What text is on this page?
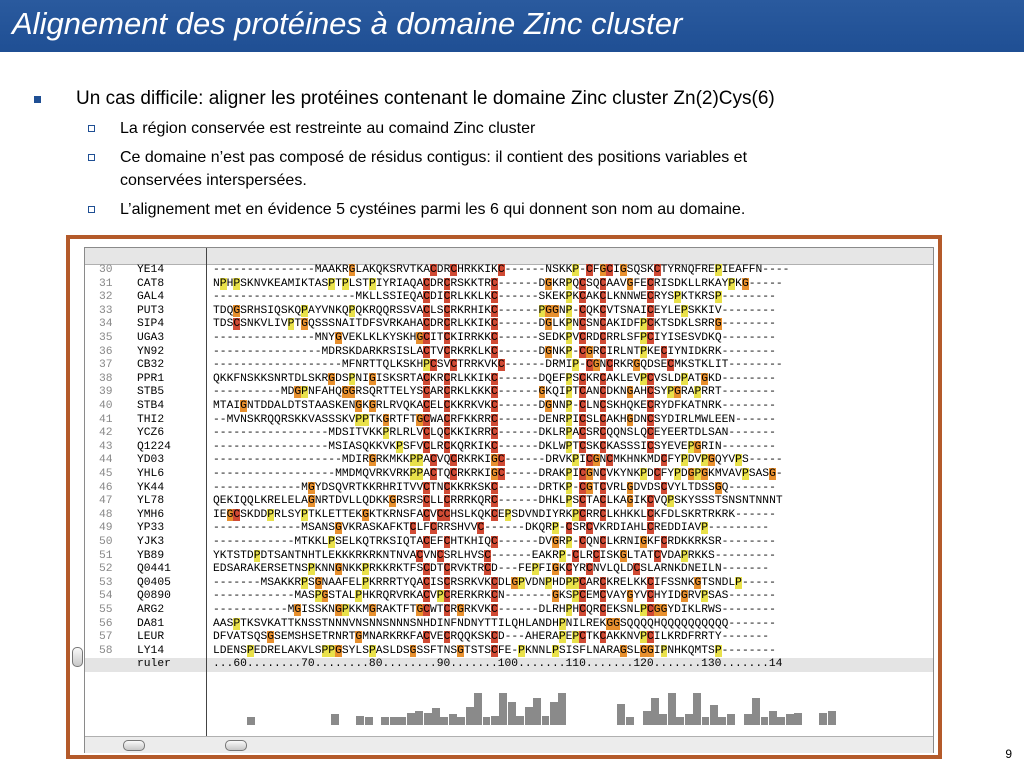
Alignement des protéines à domaine Zinc cluster
Un cas difficile: aligner les protéines contenant le domaine Zinc cluster Zn(2)Cys(6)
La région conservée est restreinte au comaind Zinc cluster
Ce domaine n’est pas composé de résidus contigus: il contient des positions variables et
conservées interspersées.
L’alignement met en évidence 5 cystéines parmi les 6 qui donnent son nom au domaine.
30 YE14	---------------MAAKRGLAKQKSRVTKACDRCHRKKIKC------NSKKP-CFGCIGSQSKCTYRNQFREPIEAFFN----
31 CAT8	NPHPSKNVKEAMIKTASPTPLSTPIYRIAQACDRCRSKKTRC------DGKRPQCSQCAAVGFECRISDKLLRKAYPKG-----
32 GAL4	---------------------MKLLSSIEQACDICRLKKLKC------SKEKPKCAKCLKNNWECRYSPKTKRSP--------
33 PUT3	TDQGSRHSIQSKQPAYVNKQPQKRQQRSSVACLSCRKRHIKC------PGGNP-CQKCVTSNAICEYLEPSKKIV--------
34 SIP4	TDSCSNKVLIVPTGQSSSNAITDFSVRKAHACDRCRLKKIKC------DGLKPNCSNCAKIDFPCKTSDKLSRRG--------
35 UGA3	---------------MNYGVEKLKLKYSKHGCITCKIRRKKC------SEDKPVCRDCRRLSFPCIYISESVDKQ--------
36 YN92	----------------MDRSKDARKRSISLACTVCRKRKLKC------DGNKP-CGRCIRLNTPKECIYNIDKRK--------
37 CB32	-------------------MFNRTTQLKSKHPCSVCTRRKVKC------DRMIP-CGNCRKRGQDSECMKSTKLIT--------
38 PPR1	QKKFNSKKSNRTDLSKRGDSPNIGISKSRTACKRCRLKKIKC------DQEFPSCKRCAKLEVPCVSLDPATGKD--------
39 STB5	----------MDGPNFAHQGGRSQRTTELYSCARCRKLKKKC------GKQIPTCANCDKNGAHCSYPGRAPRRT--------
40 STB4	MTAIGNTDDALDTSTAASKENGKGRLRVQKACELCKKRKVKC------DGNNP-CLNCSKHQKECRYDFKATNRK--------
41 THI2	--MVNSKRQQRSKKVASSSKVPPTKGRTFTGCWACRFKKRRC------DENRPICSLCAKHGDNCSYDIRLMWLEEN------
42 YCZ6	-----------------MDSITVKKPRLRLVCLQCKKIKRRC------DKLRPACSRCQQNSLQCEYEERTDLSAN-------
43 Q1224	-----------------MSIASQKKVKPSFVCLRCKQRKIKC------DKLWPTCSKCKASSSICSYEVEPGRIN--------
44 YD03	-------------------MDIRGRKMKKPPACVQCRKRKIGC------DRVKPICGNCMKHNKMDCFYPDVPGQYVPS-----
45 YHL6	------------------MMDMQVRKVRKPPACTQCRKRKIGC-----DRAKPICGNCVKYNKPDCFYPDGPGKMVAVPSASG-
46 YK44	-------------MGYDSQVRTKKRHRITVVCTNCKKRKSKC------DRTKP-CGTCVRLGDVDSCVYLTDSSGQ-------
47 YL78	QEKIQQLKRELELAGNRTDVLLQDKKGRSRSCLLCRRRKQRC------DHKLPSCTACLKAGIKCVQPSKYSSSTSNSNTNNNT
48 YMH6	IEGCSKDDPRLSYPTKLETTEKGKTKRNSFACVCCHSLKQKCEPSDVNDIYRKPCRRCLKHKKLCKFDLSKRTRKRK------
49 YP33	-------------MSANSGVKRASKAFKTCLFCRRSHVVC------DKQRP-CSRCVKRDIAHLCREDDIAVP---------
50 YJK3	------------MTKKLPSELKQTRKSIQTACEFCHTKHIQC------DVGRP-CQNCLKRNIGKFCRDKKRKSR--------
51 YB89	YKTSTDPDTSANTNHTLEKKKRKRKNTNVACVNCSRLHVSC------EAKRP-CLRCISKGLTATCVDAPRKKS---------
52 Q0441	EDSARAKERSETNSPKNNGNKKPRKKRKTFSCDTCRVKTRCD---FEPFIGKCYRCNVLQLDCSLARNKDNEILN-------
53 Q0405	-------MSAKKRPSGNAAFELPKRRRTYQACISCRSRKVKCDLGPVDNPHDPPCARCKRELKKCIFSSNKGTSNDLP-----
54 Q0890	------------MASPGSTALPHKRQRVRKACVPCRERKRKCN-------GKSPCEMCVAYGYVCHYIDGRVPSAS-------
55 ARG2	-----------MGISSKNGPKKMGRAKTFTGCWTCRGRKVKC------DLRHPHCQRCEKSNLPCGGYDIKLRWS--------
56 DA81	AASPTKSVKATTKNSSTNNNVNSNNSNNNSNHDINFNDNYTTILQHLANDHPNILREKGGSQQQQHQQQQQQQQQQ-------
57 LEUR	DFVATSQSGSEMSHSETRNRTGMNARKRKFACVECRQQKSKCD---AHERAPEPCTKCAKKNVPCILKRDFRRTY-------
58 LY14	LDENSPEDRELAKVLSPPGSYLSPASLDSGSSFTNSGTSTSCFE-PKNNLPSISFLNARAGSLGGIPNHKQMTSP--------
ruler	...60........70........80........90.......100.......110.......120.......130.......14
9
